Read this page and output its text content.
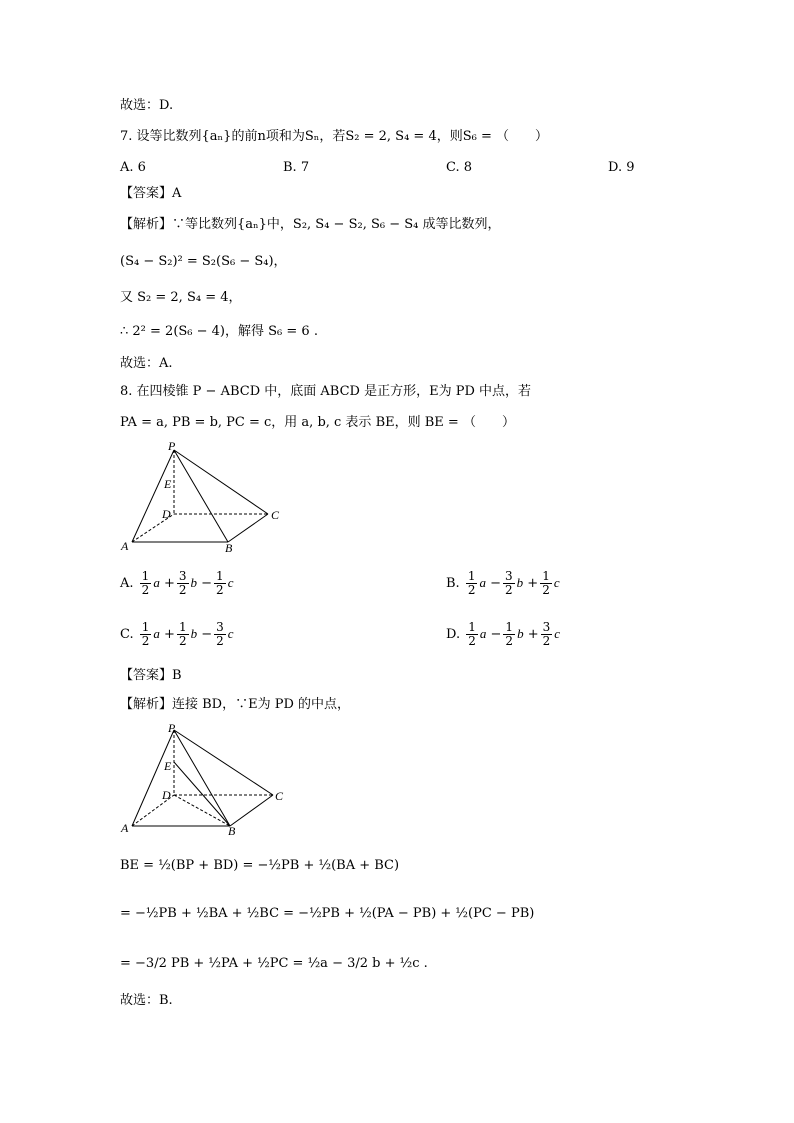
故选：D.
7. 设等比数列{aₙ}的前n项和为Sₙ，若S₂ = 2, S₄ = 4，则S₆ = （　　）
A. 6	B. 7	C. 8	D. 9
【答案】A
【解析】∵等比数列{aₙ}中，S₂, S₄ − S₂, S₆ − S₄ 成等比数列，
(S₄ − S₂)² = S₂(S₆ − S₄)，
又 S₂ = 2, S₄ = 4，
∴ 2² = 2(S₆ − 4)，解得 S₆ = 6 .
故选：A.
8. 在四棱锥 P − ABCD 中，底面 ABCD 是正方形，E为 PD 中点，若
PA = a, PB = b, PC = c，用 a, b, c 表示 BE，则 BE = （　　）
P
E
D	C
A	B
A. $\frac{1}{2}$ $a + \frac{3}{2}$ $b - \frac{1}{2}$ c	B. $\frac{1}{2}$ $a - \frac{3}{2}$ $b + \frac{1}{2}$ c
C. $\frac{1}{2}$ $a + \frac{1}{2}$ $b - \frac{3}{2}$ c	D. $\frac{1}{2}$ $a - \frac{1}{2}$ $b + \frac{3}{2}$ c
【答案】B
【解析】连接 BD，∵E为 PD 的中点，
P
E
D	C
A	B
BE = ½(BP + BD) = −½PB + ½(BA + BC)
= −½PB + ½BA + ½BC = −½PB + ½(PA − PB) + ½(PC − PB)
= −3/2 PB + ½PA + ½PC = ½a − 3/2 b + ½c .
故选：B.
